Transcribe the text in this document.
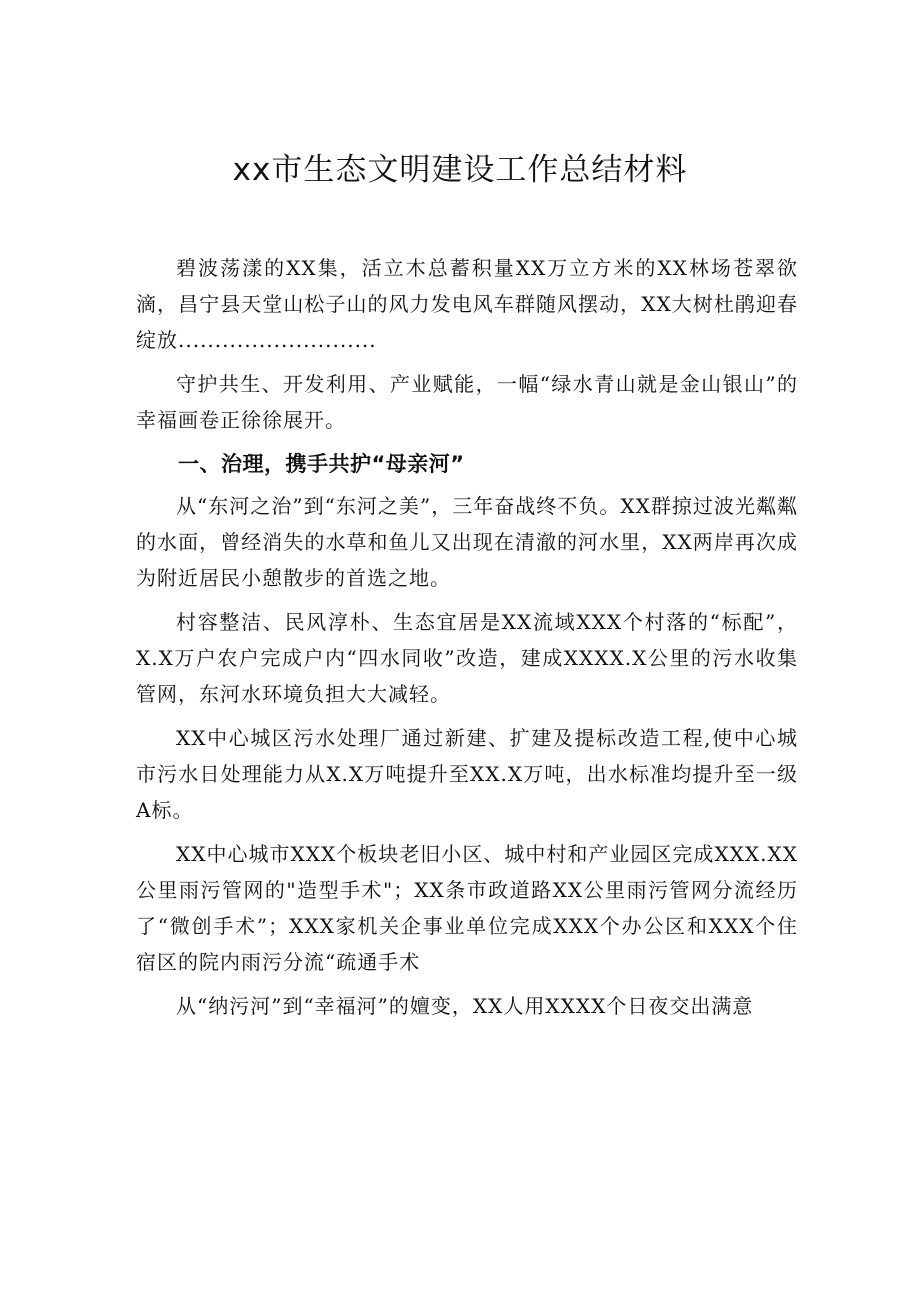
xx市生态文明建设工作总结材料

碧波荡漾的XX集，活立木总蓄积量XX万立方米的XX林场苍翠欲滴，昌宁县天堂山松子山的风力发电风车群随风摆动，XX大树杜鹃迎春绽放...........................

守护共生、开发利用、产业赋能，一幅“绿水青山就是金山银山”的幸福画卷正徐徐展开。

一、治理，携手共护“母亲河”

从“东河之治”到“东河之美”，三年奋战终不负。XX群掠过波光粼粼的水面，曾经消失的水草和鱼儿又出现在清澈的河水里，XX两岸再次成为附近居民小憩散步的首选之地。

村容整洁、民风淳朴、生态宜居是XX流域XXX个村落的“标配”，X.X万户农户完成户内“四水同收”改造，建成XXXX.X公里的污水收集管网，东河水环境负担大大减轻。

XX中心城区污水处理厂通过新建、扩建及提标改造工程,使中心城市污水日处理能力从X.X万吨提升至XX.X万吨，出水标准均提升至一级A标。

XX中心城市XXX个板块老旧小区、城中村和产业园区完成XXX.XX公里雨污管网的"造型手术"；XX条市政道路XX公里雨污管网分流经历了“微创手术”；XXX家机关企事业单位完成XXX个办公区和XXX个住宿区的院内雨污分流“疏通手术

从“纳污河”到“幸福河”的嬗变，XX人用XXXX个日夜交出满意
